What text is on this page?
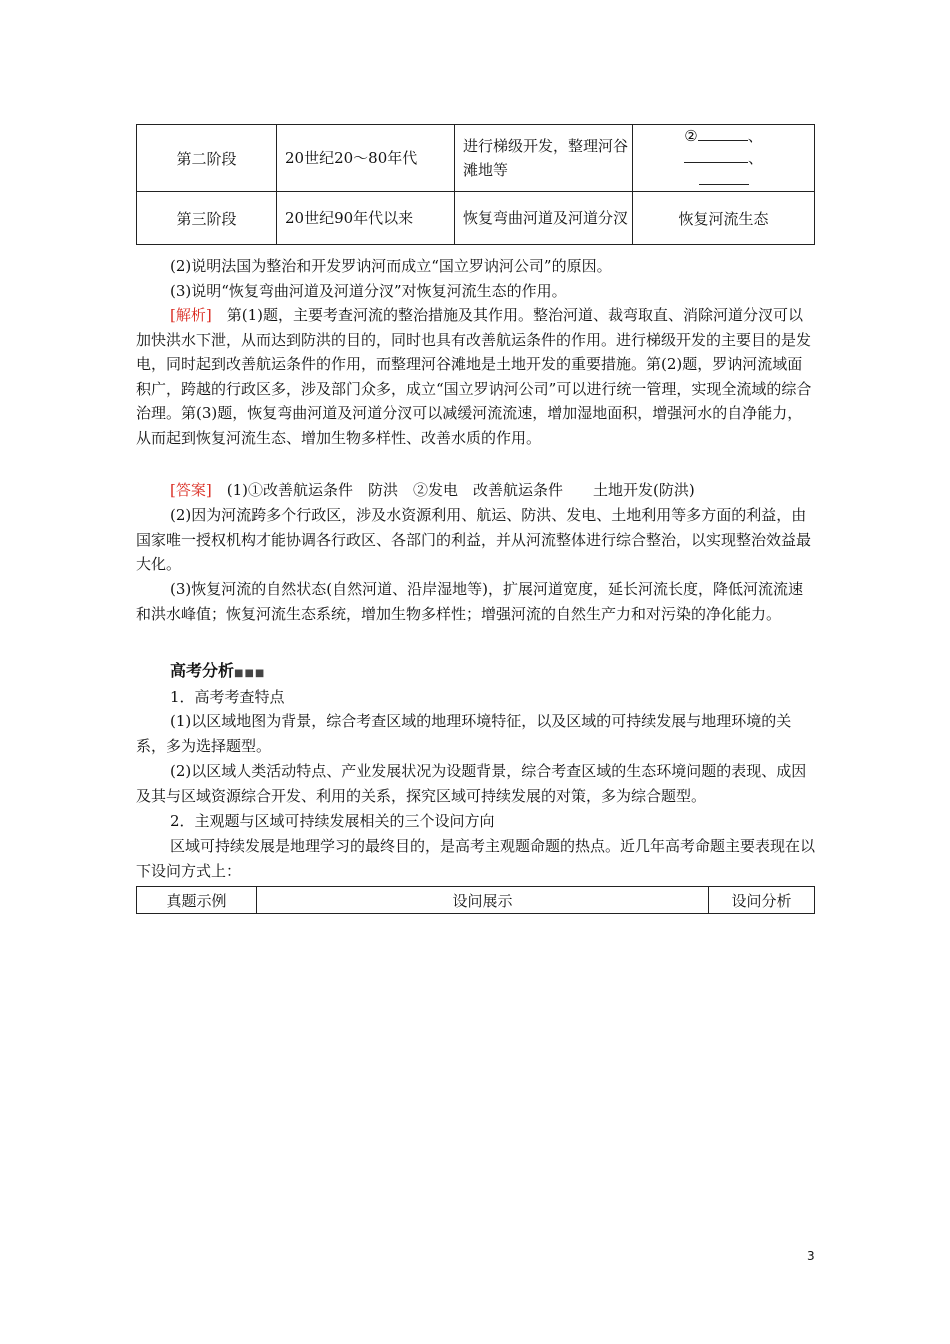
第二阶段	20世纪20～80年代	进行梯级开发，整理河谷滩地等	② 、
、

第三阶段	20世纪90年代以来	恢复弯曲河道及河道分汊	恢复河流生态

(2)说明法国为整治和开发罗讷河而成立“国立罗讷河公司”的原因。

(3)说明“恢复弯曲河道及河道分汊”对恢复河流生态的作用。

[解析]　 第(1)题，主要考查河流的整治措施及其作用。整治河道、裁弯取直、消除河道分汊可以加快洪水下泄，从而达到防洪的目的，同时也具有改善航运条件的作用。进行梯级开发的主要目的是发电，同时起到改善航运条件的作用，而整理河谷滩地是土地开发的重要措施。第(2)题，罗讷河流域面积广，跨越的行政区多，涉及部门众多，成立“国立罗讷河公司”可以进行统一管理，实现全流域的综合治理。第(3)题，恢复弯曲河道及河道分汊可以减缓河流流速，增加湿地面积，增强河水的自净能力，从而起到恢复河流生态、增加生物多样性、改善水质的作用。

[答案]　 (1)①改善航运条件　防洪　②发电　改善航运条件　　土地开发(防洪)

(2)因为河流跨多个行政区，涉及水资源利用、航运、防洪、发电、土地利用等多方面的利益，由国家唯一授权机构才能协调各行政区、各部门的利益，并从河流整体进行综合整治，以实现整治效益最大化。

(3)恢复河流的自然状态(自然河道、沿岸湿地等)，扩展河道宽度，延长河流长度，降低河流流速和洪水峰值；恢复河流生态系统，增加生物多样性；增强河流的自然生产力和对污染的净化能力。

高考分析■■■

1．高考考查特点

(1)以区域地图为背景，综合考查区域的地理环境特征，以及区域的可持续发展与地理环境的关系，多为选择题型。

(2)以区域人类活动特点、产业发展状况为设题背景，综合考查区域的生态环境问题的表现、成因及其与区域资源综合开发、利用的关系，探究区域可持续发展的对策，多为综合题型。

2．主观题与区域可持续发展相关的三个设问方向

区域可持续发展是地理学习的最终目的，是高考主观题命题的热点。近几年高考命题主要表现在以下设问方式上：

真题示例	设问展示	设问分析
3
